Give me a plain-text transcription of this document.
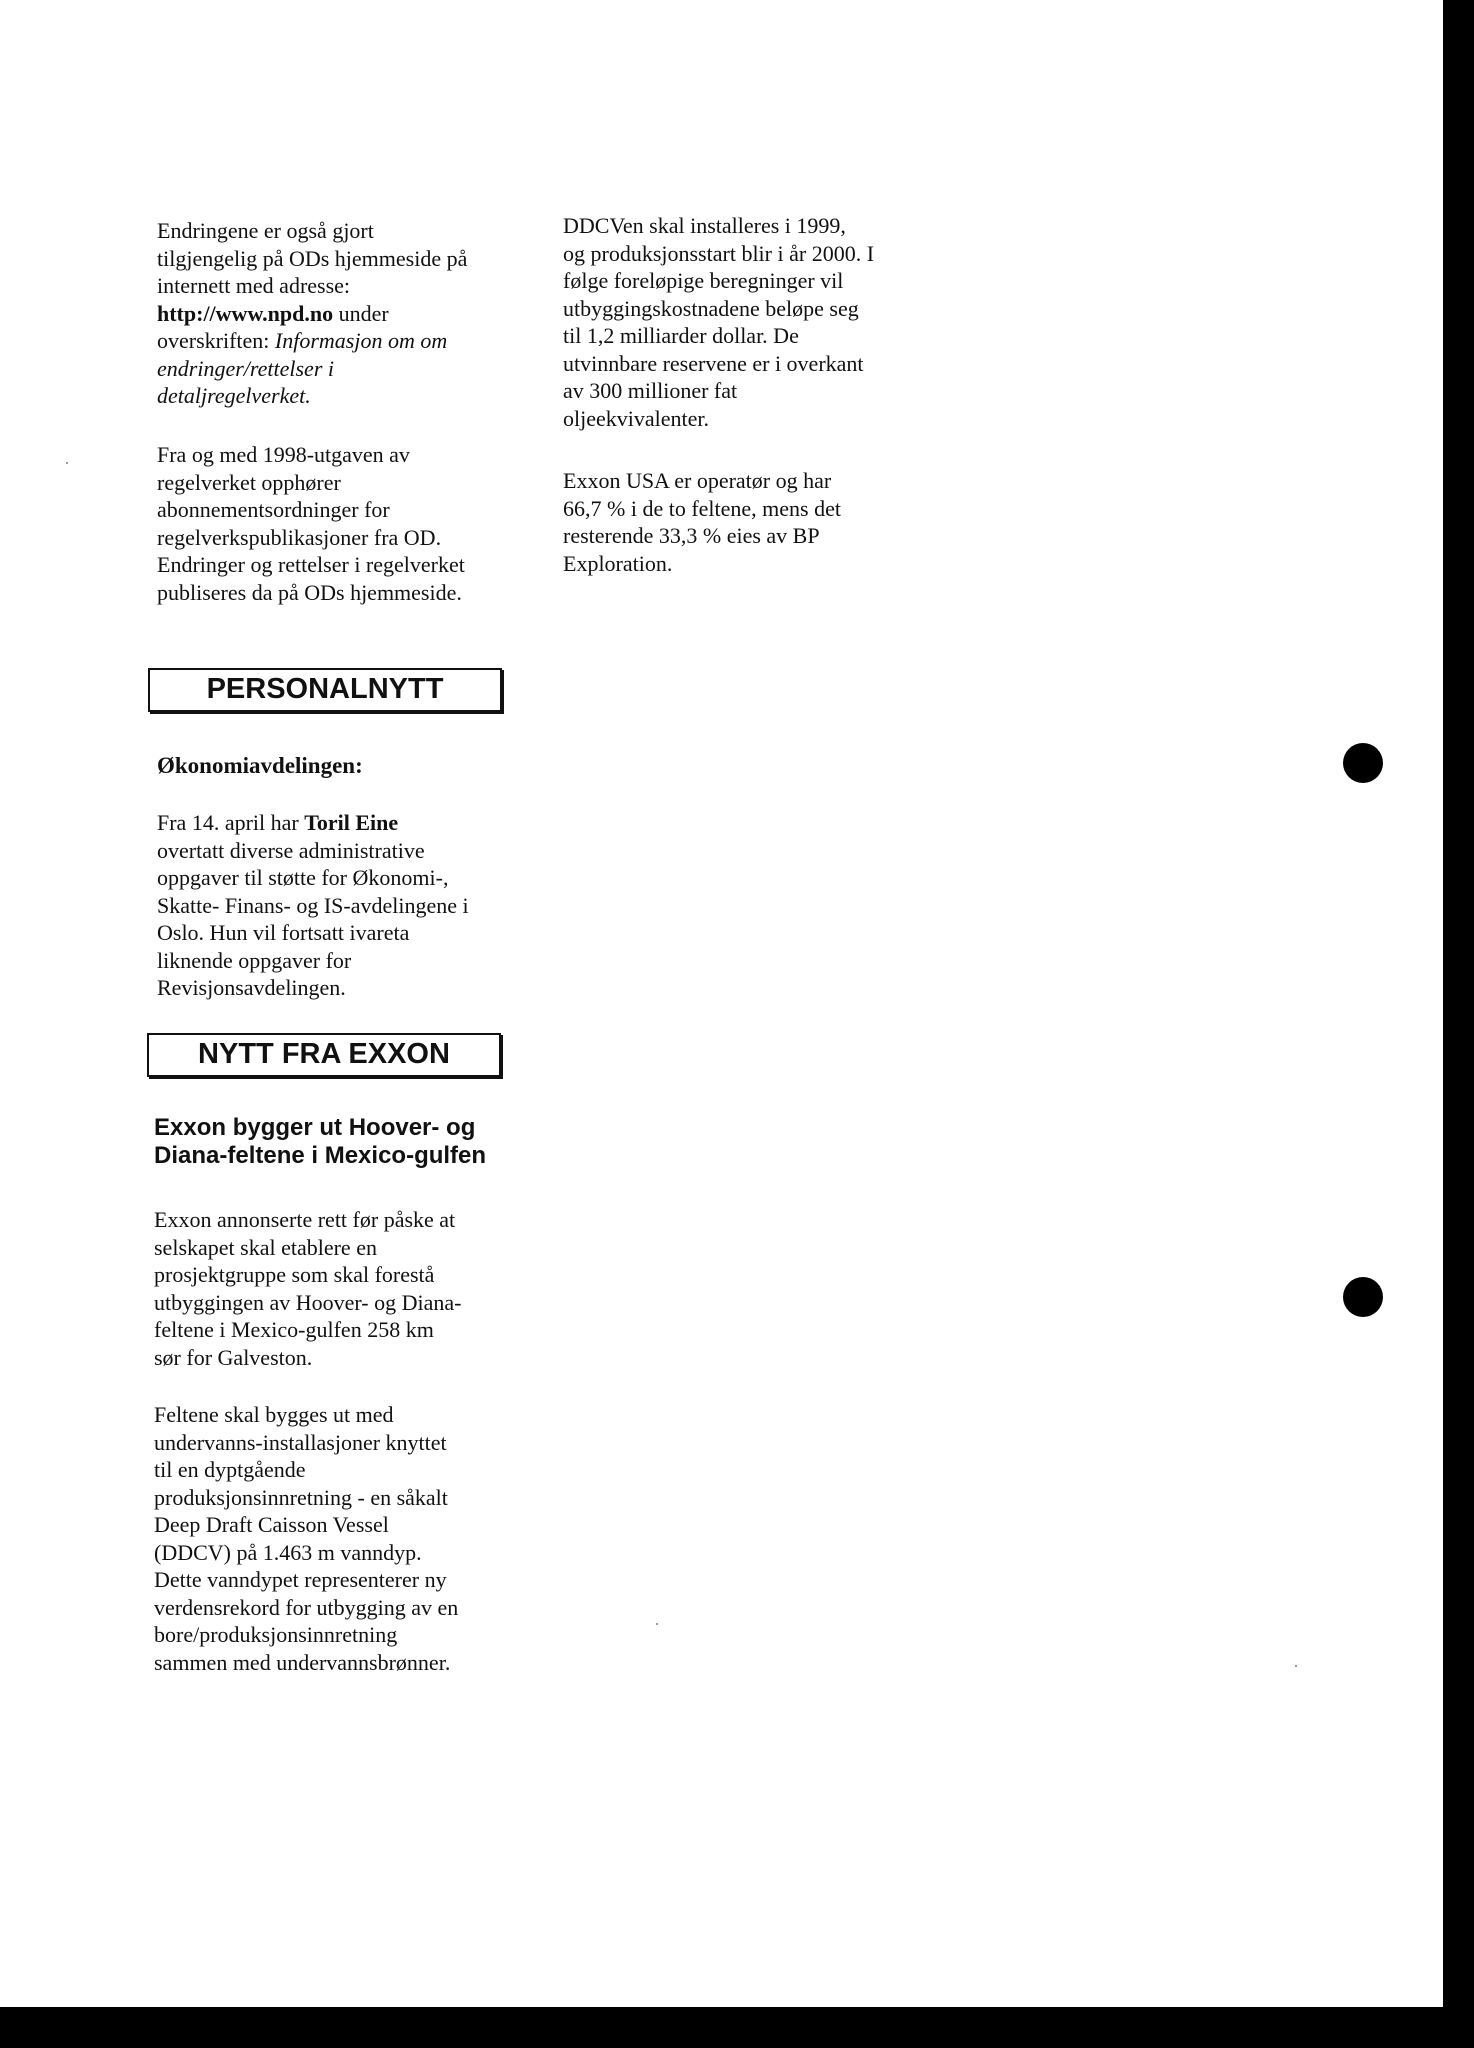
Endringene er også gjort
tilgjengelig på ODs hjemmeside på
internett med adresse:
http://www.npd.no under
overskriften: Informasjon om om
endringer/rettelser i
detaljregelverket.
Fra og med 1998-utgaven av
regelverket opphører
abonnementsordninger for
regelverkspublikasjoner fra OD.
Endringer og rettelser i regelverket
publiseres da på ODs hjemmeside.
PERSONALNYTT
Økonomiavdelingen:
Fra 14. april har Toril Eine
overtatt diverse administrative
oppgaver til støtte for Økonomi-,
Skatte- Finans- og IS-avdelingene i
Oslo. Hun vil fortsatt ivareta
liknende oppgaver for
Revisjonsavdelingen.
NYTT FRA EXXON
Exxon bygger ut Hoover- og
Diana-feltene i Mexico-gulfen
Exxon annonserte rett før påske at
selskapet skal etablere en
prosjektgruppe som skal forestå
utbyggingen av Hoover- og Diana-
feltene i Mexico-gulfen 258 km
sør for Galveston.
Feltene skal bygges ut med
undervanns-installasjoner knyttet
til en dyptgående
produksjonsinnretning - en såkalt
Deep Draft Caisson Vessel
(DDCV) på 1.463 m vanndyp.
Dette vanndypet representerer ny
verdensrekord for utbygging av en
bore/produksjonsinnretning
sammen med undervannsbrønner.
DDCVen skal installeres i 1999,
og produksjonsstart blir i år 2000. I
følge foreløpige beregninger vil
utbyggingskostnadene beløpe seg
til 1,2 milliarder dollar. De
utvinnbare reservene er i overkant
av 300 millioner fat
oljeekvivalenter.
Exxon USA er operatør og har
66,7 % i de to feltene, mens det
resterende 33,3 % eies av BP
Exploration.
